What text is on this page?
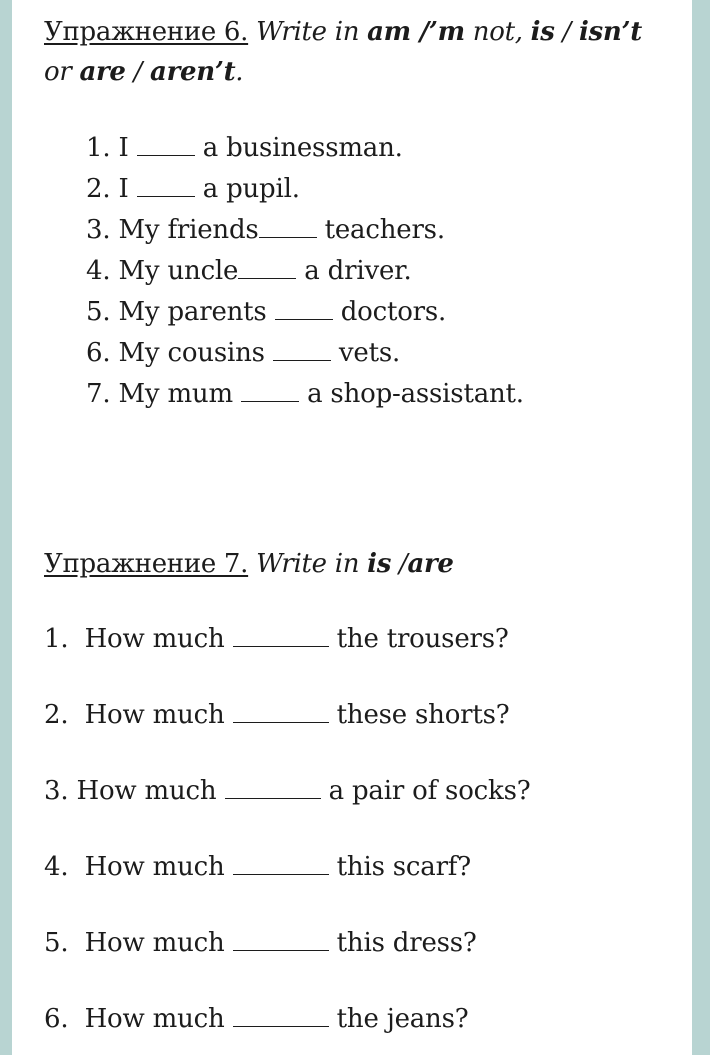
Упражнение 6. Write in am /’m not, is / isn’t
or are / aren’t.
1. I  a businessman.
2. I  a pupil.
3. My friends teachers.
4. My uncle a driver.
5. My parents  doctors.
6. My cousins  vets.
7. My mum  a shop-assistant.
Упражнение 7. Write in is /are
1. How much	the trousers?
2. How much	these shorts?
3. How much	a pair of socks?
4. How much	this scarf?
5. How much	this dress?
6. How much	the jeans?
